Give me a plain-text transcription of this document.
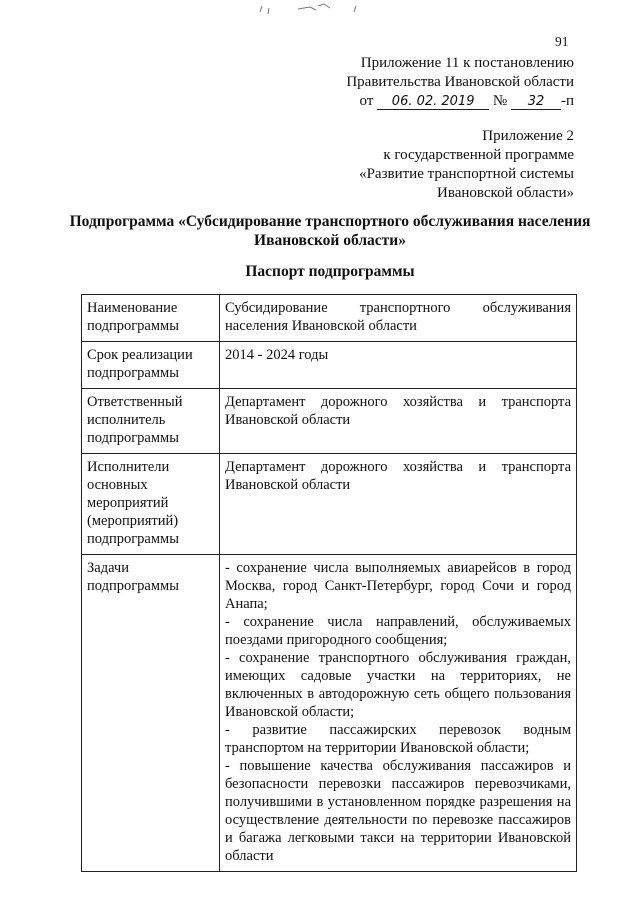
91
Приложение 11 к постановлению
Правительства Ивановской области
от 06. 02. 2019 № 32 -п
Приложение 2
к государственной программе
«Развитие транспортной системы
Ивановской области»
Подпрограмма «Субсидирование транспортного обслуживания населения Ивановской области»
Паспорт подпрограммы
Наименование подпрограммы	Субсидирование транспортного обслуживания населения Ивановской области
Срок реализации подпрограммы	2014 - 2024 годы
Ответственный исполнитель подпрограммы	Департамент дорожного хозяйства и транспорта Ивановской области
Исполнители основных мероприятий (мероприятий) подпрограммы	Департамент дорожного хозяйства и транспорта Ивановской области
Задачи подпрограммы	- сохранение числа выполняемых авиарейсов в город Москва, город Санкт-Петербург, город Сочи и город Анапа;
- сохранение числа направлений, обслуживаемых поездами пригородного сообщения;
- сохранение транспортного обслуживания граждан, имеющих садовые участки на территориях, не включенных в автодорожную сеть общего пользования Ивановской области;
- развитие пассажирских перевозок водным транспортом на территории Ивановской области;
- повышение качества обслуживания пассажиров и безопасности перевозки пассажиров перевозчиками, получившими в установленном порядке разрешения на осуществление деятельности по перевозке пассажиров и багажа легковыми такси на территории Ивановской области
